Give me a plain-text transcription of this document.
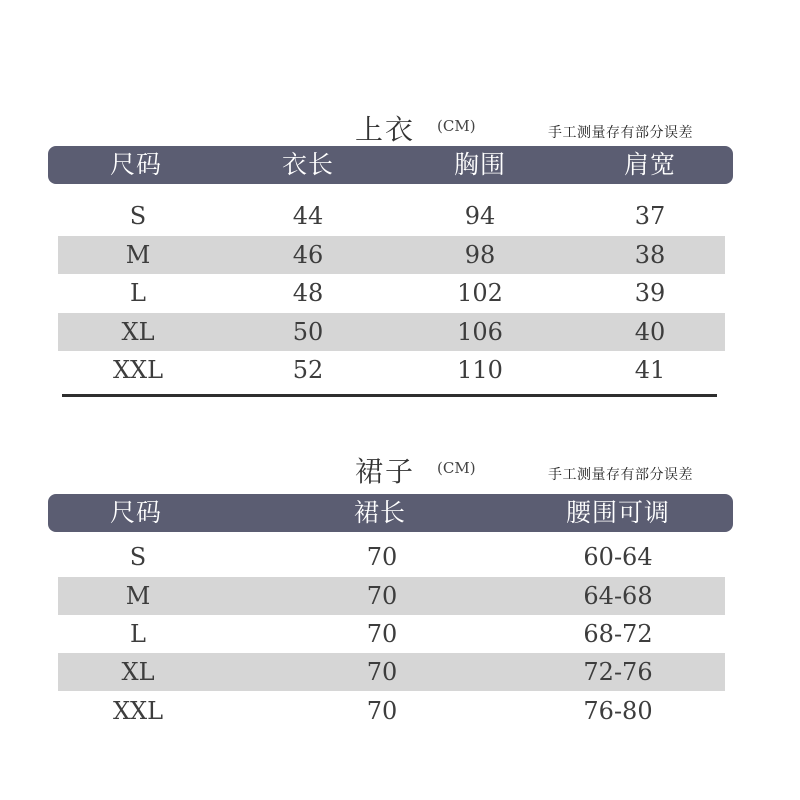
上衣 (CM)	手工测量存有部分误差
尺码	衣长	胸围	肩宽
S	44	94	37
M	46	98	38
L	48	102	39
XL	50	106	40
XXL	52	110	41
裙子 (CM)	手工测量存有部分误差
尺码	裙长	腰围可调
S	70	60-64
M	70	64-68
L	70	68-72
XL	70	72-76
XXL	70	76-80
